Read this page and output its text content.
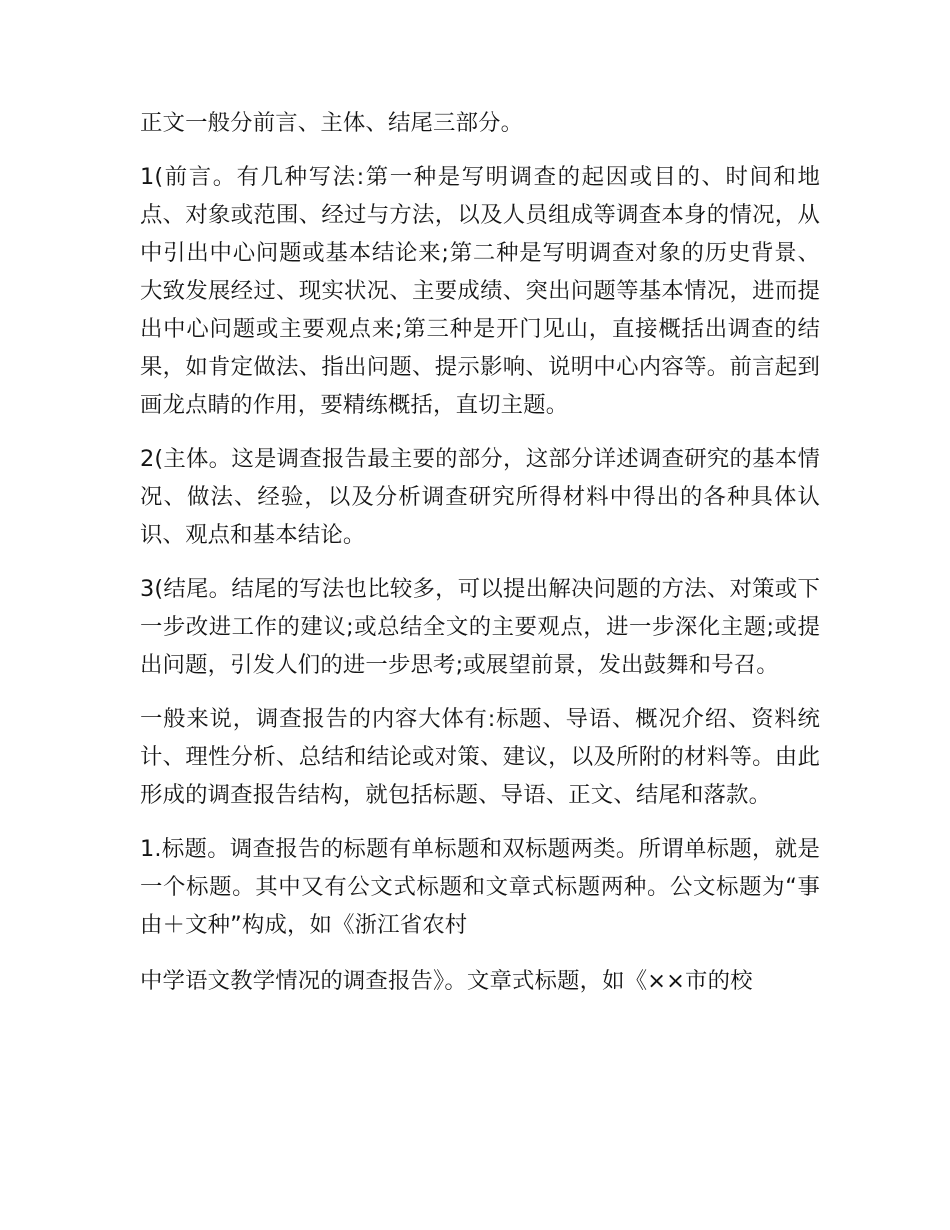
正文一般分前言、主体、结尾三部分。

1(前言。有几种写法:第一种是写明调查的起因或目的、时间和地点、对象或范围、经过与方法，以及人员组成等调查本身的情况，从中引出中心问题或基本结论来;第二种是写明调查对象的历史背景、大致发展经过、现实状况、主要成绩、突出问题等基本情况，进而提出中心问题或主要观点来;第三种是开门见山，直接概括出调查的结果，如肯定做法、指出问题、提示影响、说明中心内容等。前言起到画龙点睛的作用，要精练概括，直切主题。

2(主体。这是调查报告最主要的部分，这部分详述调查研究的基本情况、做法、经验，以及分析调查研究所得材料中得出的各种具体认识、观点和基本结论。

3(结尾。结尾的写法也比较多，可以提出解决问题的方法、对策或下一步改进工作的建议;或总结全文的主要观点，进一步深化主题;或提出问题，引发人们的进一步思考;或展望前景，发出鼓舞和号召。

一般来说，调查报告的内容大体有:标题、导语、概况介绍、资料统计、理性分析、总结和结论或对策、建议，以及所附的材料等。由此形成的调查报告结构，就包括标题、导语、正文、结尾和落款。

1.标题。调查报告的标题有单标题和双标题两类。所谓单标题，就是一个标题。其中又有公文式标题和文章式标题两种。公文标题为“事由＋文种”构成，如《浙江省农村

中学语文教学情况的调查报告》。文章式标题，如《××市的校
